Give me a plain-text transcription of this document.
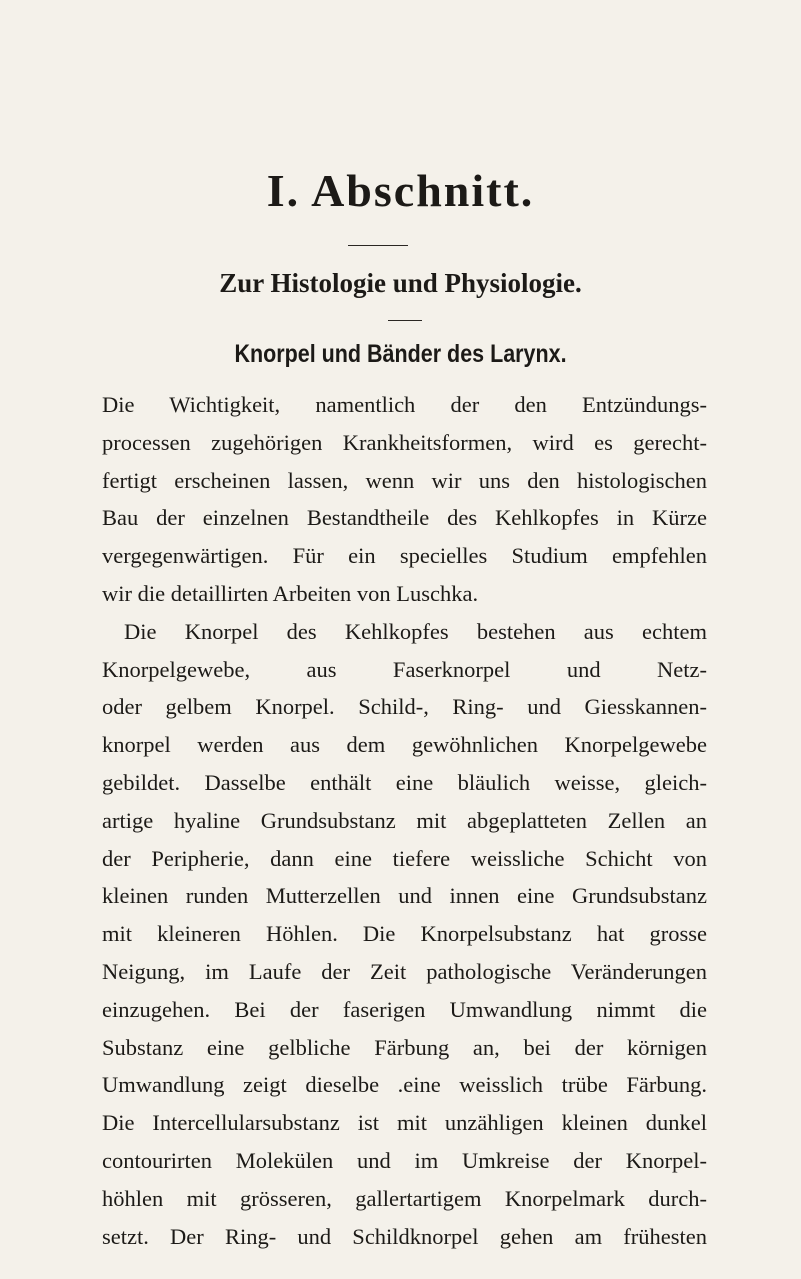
I. Abschnitt.
Zur Histologie und Physiologie.
Knorpel und Bänder des Larynx.
Die Wichtigkeit, namentlich der den Entzündungs-
processen zugehörigen Krankheitsformen, wird es gerecht-
fertigt erscheinen lassen, wenn wir uns den histologischen
Bau der einzelnen Bestandtheile des Kehlkopfes in Kürze
vergegenwärtigen. Für ein specielles Studium empfehlen
wir die detaillirten Arbeiten von Luschka.
Die Knorpel des Kehlkopfes bestehen aus echtem
Knorpelgewebe, aus Faserknorpel und Netz-
oder gelbem Knorpel. Schild-, Ring- und Giesskannen-
knorpel werden aus dem gewöhnlichen Knorpelgewebe
gebildet. Dasselbe enthält eine bläulich weisse, gleich-
artige hyaline Grundsubstanz mit abgeplatteten Zellen an
der Peripherie, dann eine tiefere weissliche Schicht von
kleinen runden Mutterzellen und innen eine Grundsubstanz
mit kleineren Höhlen. Die Knorpelsubstanz hat grosse
Neigung, im Laufe der Zeit pathologische Veränderungen
einzugehen. Bei der faserigen Umwandlung nimmt die
Substanz eine gelbliche Färbung an, bei der körnigen
Umwandlung zeigt dieselbe .eine weisslich trübe Färbung.
Die Intercellularsubstanz ist mit unzähligen kleinen dunkel
contourirten Molekülen und im Umkreise der Knorpel-
höhlen mit grösseren, gallertartigem Knorpelmark durch-
setzt. Der Ring- und Schildknorpel gehen am frühesten
